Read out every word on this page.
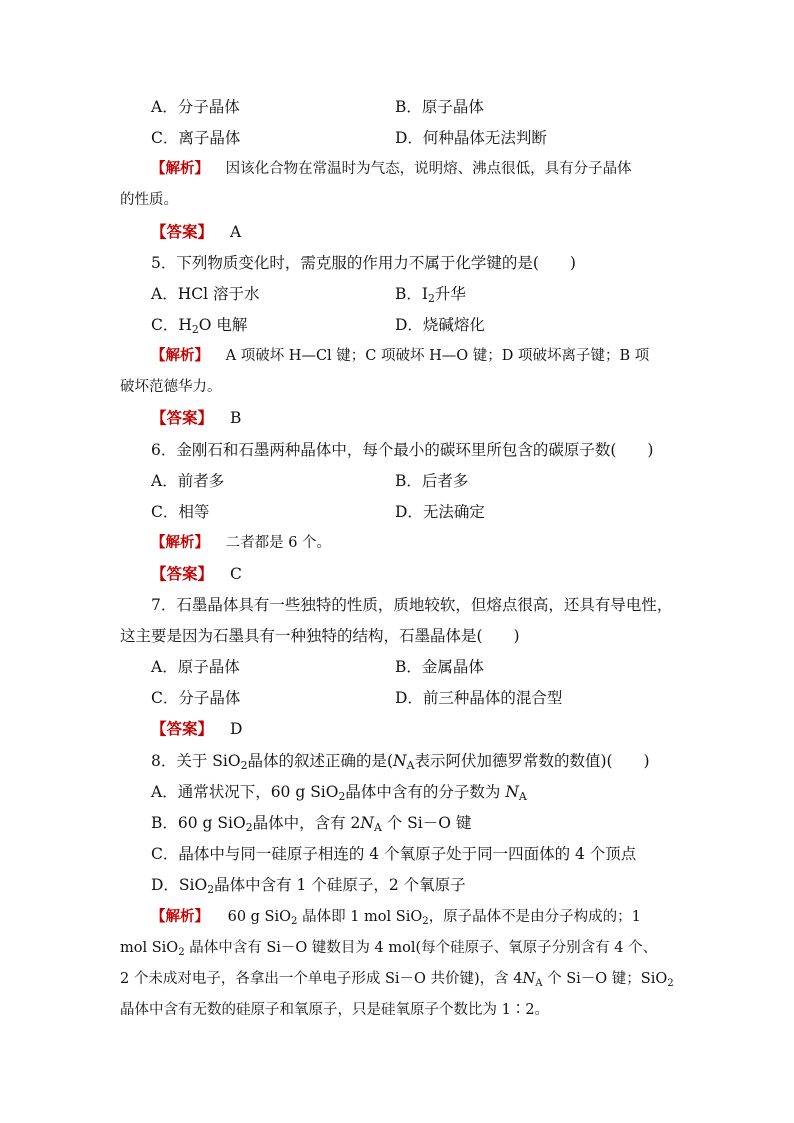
A．分子晶体	B．原子晶体
C．离子晶体	D．何种晶体无法判断
【解析】 因该化合物在常温时为气态，说明熔、沸点很低，具有分子晶体
的性质。
【答案】 A
5．下列物质变化时，需克服的作用力不属于化学键的是(　　)
A．HCl 溶于水	B．$I_2$升华
C．$H_2O$ 电解	D．烧碱熔化
【解析】 A 项破坏 H—Cl 键；C 项破坏 H—O 键；D 项破坏离子键；B 项
破坏范德华力。
【答案】 B
6．金刚石和石墨两种晶体中，每个最小的碳环里所包含的碳原子数(　　)
A．前者多	B．后者多
C．相等	D．无法确定
【解析】 二者都是 6 个。
【答案】 C
7．石墨晶体具有一些独特的性质，质地较软，但熔点很高，还具有导电性，
这主要是因为石墨具有一种独特的结构，石墨晶体是(　　)
A．原子晶体	B．金属晶体
C．分子晶体	D．前三种晶体的混合型
【答案】 D
8．关于 SiO$_2$晶体的叙述正确的是($N_A$表示阿伏加德罗常数的数值)(　　)
A．通常状况下，60 g SiO$_2$晶体中含有的分子数为 $N_A$
B．60 g SiO$_2$晶体中，含有 $2N_A$ 个 Si－O 键
C．晶体中与同一硅原子相连的 4 个氧原子处于同一四面体的 4 个顶点
D．SiO$_2$晶体中含有 1 个硅原子，2 个氧原子
【解析】 60 g SiO$_2$ 晶体即 1 mol SiO$_2$，原子晶体不是由分子构成的；1
mol SiO$_2$ 晶体中含有 Si－O 键数目为 4 mol(每个硅原子、氧原子分别含有 4 个、
2 个未成对电子，各拿出一个单电子形成 Si－O 共价键)，含 $4N_A$ 个 Si－O 键；SiO$_2$
晶体中含有无数的硅原子和氧原子，只是硅氧原子个数比为 1∶2。
